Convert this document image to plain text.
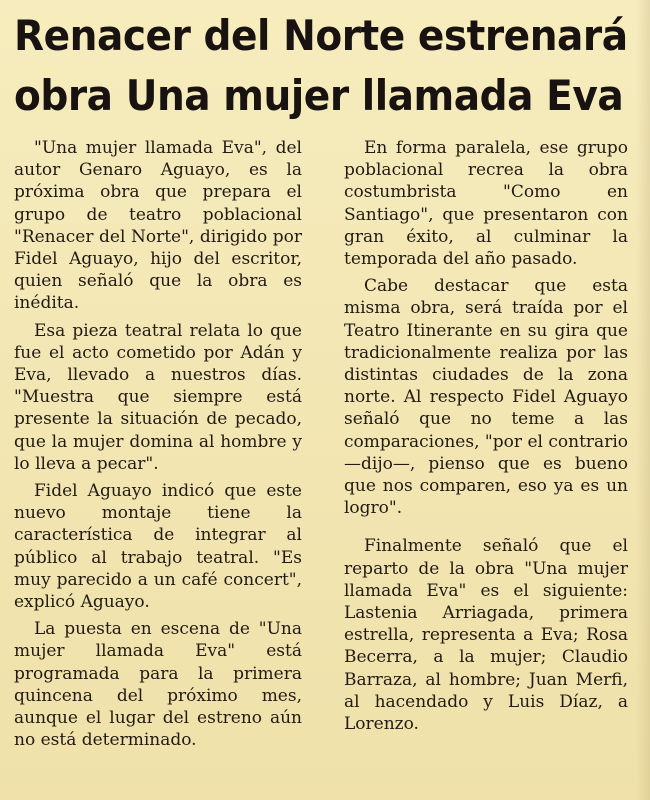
Renacer del Norte estrenará
obra Una mujer llamada Eva

"Una mujer llamada Eva", del autor Genaro Aguayo, es la próxima obra que prepara el grupo de teatro poblacional "Renacer del Norte", dirigido por Fidel Aguayo, hijo del escritor, quien señaló que la obra es inédita.

Esa pieza teatral relata lo que fue el acto cometido por Adán y Eva, llevado a nuestros días. "Muestra que siempre está presente la situación de pecado, que la mujer domina al hombre y lo lleva a pecar".

Fidel Aguayo indicó que este nuevo montaje tiene la característica de integrar al público al trabajo teatral. "Es muy parecido a un café concert", explicó Aguayo.

La puesta en escena de "Una mujer llamada Eva" está programada para la primera quincena del próximo mes, aunque el lugar del estreno aún no está determinado.

En forma paralela, ese grupo poblacional recrea la obra costumbrista "Como en Santiago", que presentaron con gran éxito, al culminar la temporada del año pasado.

Cabe destacar que esta misma obra, será traída por el Teatro Itinerante en su gira que tradicionalmente realiza por las distintas ciudades de la zona norte. Al respecto Fidel Aguayo señaló que no teme a las comparaciones, "por el contrario —dijo—, pienso que es bueno que nos comparen, eso ya es un logro".

Finalmente señaló que el reparto de la obra "Una mujer llamada Eva" es el siguiente: Lastenia Arriagada, primera estrella, representa a Eva; Rosa Becerra, a la mujer; Claudio Barraza, al hombre; Juan Merfi, al hacendado y Luis Díaz, a Lorenzo.
